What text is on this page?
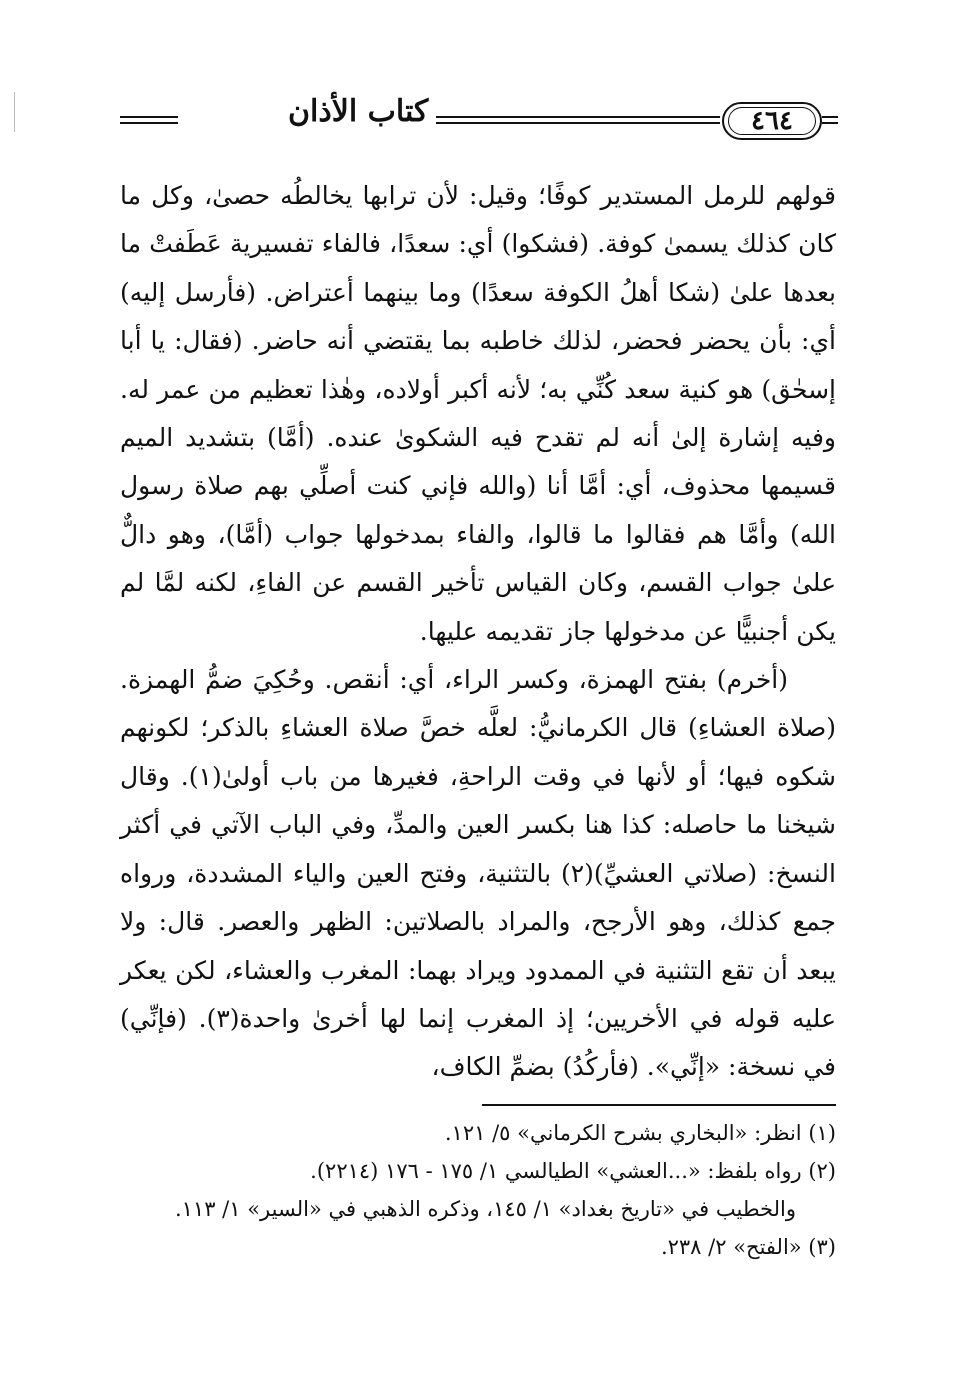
كتاب الأذان	٤٦٤

قولهم للرمل المستدير كوفًا؛ وقيل: لأن ترابها يخالطُه حصىٰ، وكل ما كان كذلك يسمىٰ كوفة. (فشكوا) أي: سعدًا، فالفاء تفسيرية عَطَفتْ ما بعدها علىٰ (شكا أهلُ الكوفة سعدًا) وما بينهما أعتراض. (فأرسل إليه) أي: بأن يحضر فحضر، لذلك خاطبه بما يقتضي أنه حاضر. (فقال: يا أبا إسحٰق) هو كنية سعد كُنِّي به؛ لأنه أكبر أولاده، وهٰذا تعظيم من عمر له. وفيه إشارة إلىٰ أنه لم تقدح فيه الشكوىٰ عنده. (أمَّا) بتشديد الميم قسيمها محذوف، أي: أمَّا أنا (والله فإني كنت أصلِّي بهم صلاة رسول الله) وأمَّا هم فقالوا ما قالوا، والفاء بمدخولها جواب (أمَّا)، وهو دالٌّ علىٰ جواب القسم، وكان القياس تأخير القسم عن الفاءِ، لكنه لمَّا لم يكن أجنبيًّا عن مدخولها جاز تقديمه عليها.

(أخرم) بفتح الهمزة، وكسر الراء، أي: أنقص. وحُكِيَ ضمُّ الهمزة. (صلاة العشاءِ) قال الكرمانيُّ: لعلَّه خصَّ صلاة العشاءِ بالذكر؛ لكونهم شكوه فيها؛ أو لأنها في وقت الراحةِ، فغيرها من باب أولىٰ(١). وقال شيخنا ما حاصله: كذا هنا بكسر العين والمدِّ، وفي الباب الآتي في أكثر النسخ: (صلاتي العشيِّ)(٢) بالتثنية، وفتح العين والياء المشددة، ورواه جمع كذلك، وهو الأرجح، والمراد بالصلاتين: الظهر والعصر. قال: ولا يبعد أن تقع التثنية في الممدود ويراد بهما: المغرب والعشاء، لكن يعكر عليه قوله في الأخريين؛ إذ المغرب إنما لها أخرىٰ واحدة(٣). (فإنِّي) في نسخة: «إنِّي». (فأركُدُ) بضمِّ الكاف،

(١) انظر: «البخاري بشرح الكرماني» ٥/ ١٢١.

(٢) رواه بلفظ: «...العشي» الطيالسي ١/ ١٧٥ - ١٧٦ (٢٢١٤).

والخطيب في «تاريخ بغداد» ١/ ١٤٥، وذكره الذهبي في «السير» ١/ ١١٣.

(٣) «الفتح» ٢/ ٢٣٨.
